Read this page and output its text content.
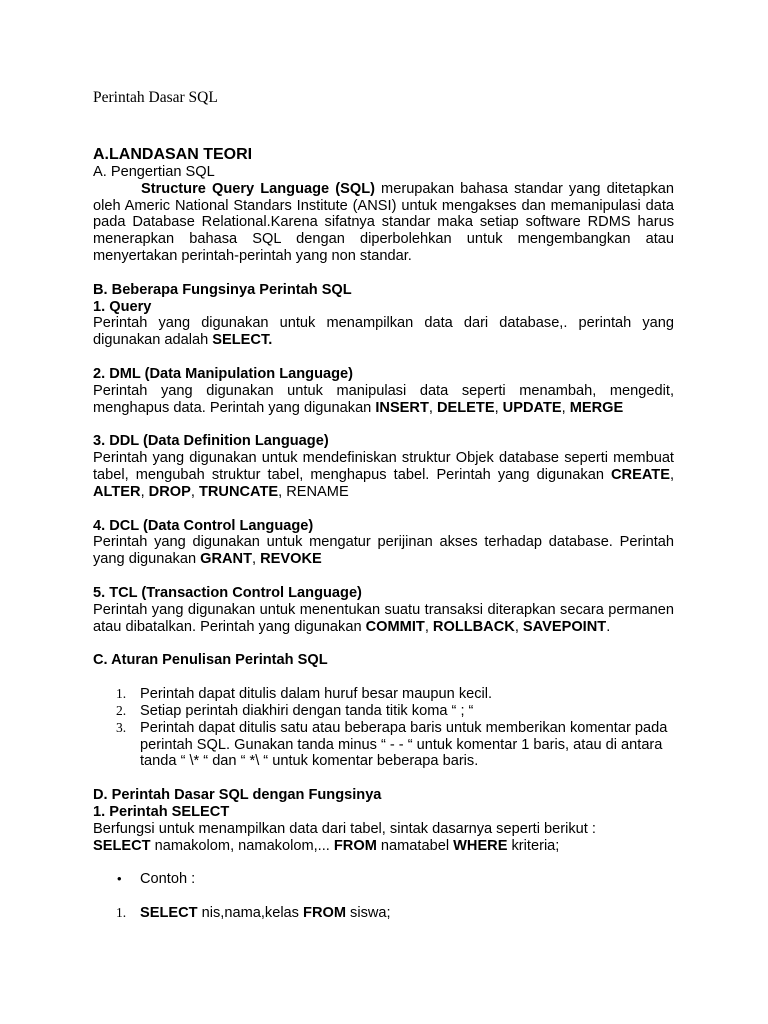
Perintah Dasar SQL
A.LANDASAN TEORI
A. Pengertian SQL
Structure Query Language (SQL) merupakan bahasa standar yang ditetapkan oleh Americ National Standars Institute (ANSI) untuk mengakses dan memanipulasi data pada Database Relational.Karena sifatnya standar maka setiap software RDMS harus menerapkan bahasa SQL dengan diperbolehkan untuk mengembangkan atau menyertakan perintah-perintah yang non standar.
B. Beberapa Fungsinya Perintah SQL
1. Query
Perintah yang digunakan untuk menampilkan data dari database,. perintah yang digunakan adalah SELECT.
2. DML (Data Manipulation Language)
Perintah yang digunakan untuk manipulasi data seperti menambah, mengedit, menghapus data. Perintah yang digunakan INSERT, DELETE, UPDATE, MERGE
3. DDL (Data Definition Language)
Perintah yang digunakan untuk mendefiniskan struktur Objek database seperti membuat tabel, mengubah struktur tabel, menghapus tabel. Perintah yang digunakan CREATE, ALTER, DROP, TRUNCATE, RENAME
4. DCL (Data Control Language)
Perintah yang digunakan untuk mengatur perijinan akses terhadap database. Perintah yang digunakan GRANT, REVOKE
5. TCL (Transaction Control Language)
Perintah yang digunakan untuk menentukan suatu transaksi diterapkan secara permanen atau dibatalkan. Perintah yang digunakan COMMIT, ROLLBACK, SAVEPOINT.
C. Aturan Penulisan Perintah SQL
1. Perintah dapat ditulis dalam huruf besar maupun kecil.
2. Setiap perintah diakhiri dengan tanda titik koma “ ; “
3. Perintah dapat ditulis satu atau beberapa baris untuk memberikan komentar pada perintah SQL. Gunakan tanda minus “ - - “ untuk komentar 1 baris, atau di antara tanda “ \* “ dan “ *\ “ untuk komentar beberapa baris.
D. Perintah Dasar SQL dengan Fungsinya
1. Perintah SELECT
Berfungsi untuk menampilkan data dari tabel, sintak dasarnya seperti berikut :
SELECT namakolom, namakolom,... FROM namatabel WHERE kriteria;
• Contoh :
1. SELECT nis,nama,kelas FROM siswa;
